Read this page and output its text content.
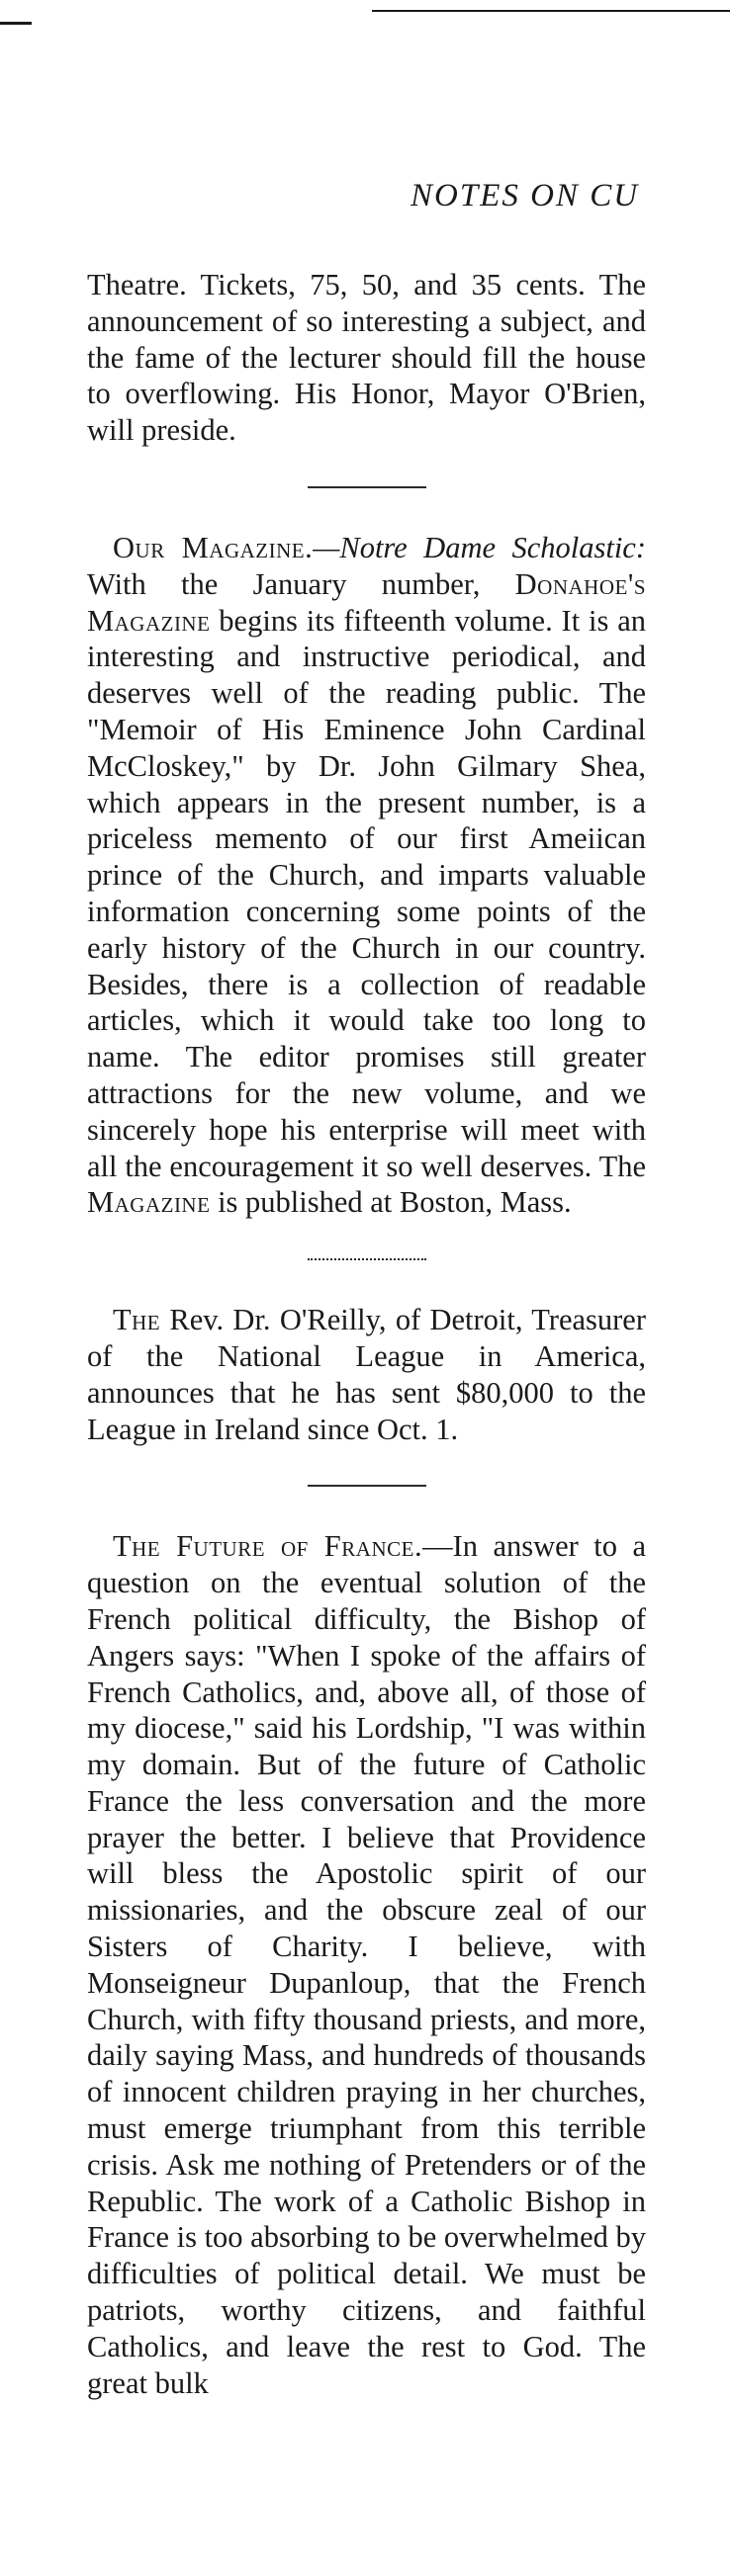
NOTES ON CU

Theatre. Tickets, 75, 50, and 35 cents. The announcement of so interesting a subject, and the fame of the lecturer should fill the house to overflowing. His Honor, Mayor O'Brien, will preside.

Our Magazine.—Notre Dame Scholastic: With the January number, Donahoe's Magazine begins its fifteenth volume. It is an interesting and instructive periodical, and deserves well of the reading public. The "Memoir of His Eminence John Cardinal McCloskey," by Dr. John Gilmary Shea, which appears in the present number, is a priceless memento of our first Ameiican prince of the Church, and imparts valuable information concerning some points of the early history of the Church in our country. Besides, there is a collection of readable articles, which it would take too long to name. The editor promises still greater attractions for the new volume, and we sincerely hope his enterprise will meet with all the encouragement it so well deserves. The Magazine is published at Boston, Mass.

The Rev. Dr. O'Reilly, of Detroit, Treasurer of the National League in America, announces that he has sent $80,000 to the League in Ireland since Oct. 1.

The Future of France.—In answer to a question on the eventual solution of the French political difficulty, the Bishop of Angers says: "When I spoke of the affairs of French Catholics, and, above all, of those of my diocese," said his Lordship, "I was within my domain. But of the future of Catholic France the less conversation and the more prayer the better. I believe that Providence will bless the Apostolic spirit of our missionaries, and the obscure zeal of our Sisters of Charity. I believe, with Monseigneur Dupanloup, that the French Church, with fifty thousand priests, and more, daily saying Mass, and hundreds of thousands of innocent children praying in her churches, must emerge triumphant from this terrible crisis. Ask me nothing of Pretenders or of the Republic. The work of a Catholic Bishop in France is too absorbing to be overwhelmed by difficulties of political detail. We must be patriots, worthy citizens, and faithful Catholics, and leave the rest to God. The great bulk
